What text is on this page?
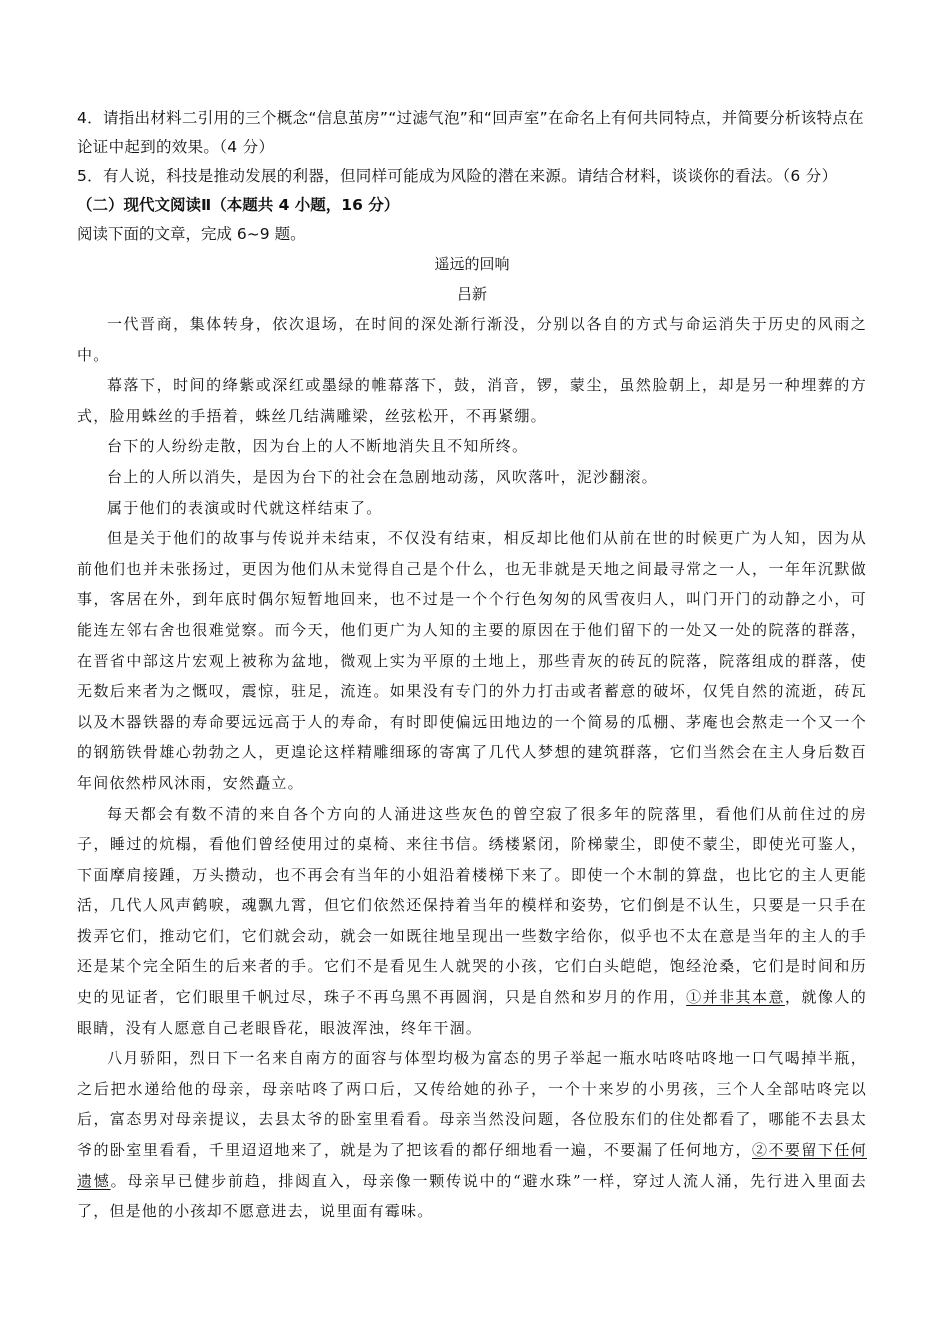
4．请指出材料二引用的三个概念“信息茧房”“过滤气泡”和“回声室”在命名上有何共同特点，并简要分析该特点在论证中起到的效果。（4 分）

5．有人说，科技是推动发展的利器，但同样可能成为风险的潜在来源。请结合材料，谈谈你的看法。（6 分）

（二）现代文阅读Ⅱ（本题共 4 小题，16 分）

阅读下面的文章，完成 6~9 题。

遥远的回响

吕新

一代晋商，集体转身，依次退场，在时间的深处渐行渐没，分别以各自的方式与命运消失于历史的风雨之中。

幕落下，时间的绛紫或深红或墨绿的帷幕落下，鼓，消音，锣，蒙尘，虽然脸朝上，却是另一种埋葬的方式，脸用蛛丝的手捂着，蛛丝几结满雕梁，丝弦松开，不再紧绷。

台下的人纷纷走散，因为台上的人不断地消失且不知所终。

台上的人所以消失，是因为台下的社会在急剧地动荡，风吹落叶，泥沙翻滚。

属于他们的表演或时代就这样结束了。

但是关于他们的故事与传说并未结束，不仅没有结束，相反却比他们从前在世的时候更广为人知，因为从前他们也并未张扬过，更因为他们从未觉得自己是个什么，也无非就是天地之间最寻常之一人，一年年沉默做事，客居在外，到年底时偶尔短暂地回来，也不过是一个个行色匆匆的风雪夜归人，叫门开门的动静之小，可能连左邻右舍也很难觉察。而今天，他们更广为人知的主要的原因在于他们留下的一处又一处的院落的群落，在晋省中部这片宏观上被称为盆地，微观上实为平原的土地上，那些青灰的砖瓦的院落，院落组成的群落，使无数后来者为之慨叹，震惊，驻足，流连。如果没有专门的外力打击或者蓄意的破坏，仅凭自然的流逝，砖瓦以及木器铁器的寿命要远远高于人的寿命，有时即使偏远田地边的一个简易的瓜棚、茅庵也会熬走一个又一个的钢筋铁骨雄心勃勃之人，更遑论这样精雕细琢的寄寓了几代人梦想的建筑群落，它们当然会在主人身后数百年间依然栉风沐雨，安然矗立。

每天都会有数不清的来自各个方向的人涌进这些灰色的曾空寂了很多年的院落里，看他们从前住过的房子，睡过的炕榻，看他们曾经使用过的桌椅、来往书信。绣楼紧闭，阶梯蒙尘，即使不蒙尘，即使光可鉴人，下面摩肩接踵，万头攒动，也不再会有当年的小姐沿着楼梯下来了。即使一个木制的算盘，也比它的主人更能活，几代人风声鹤唳，魂飘九霄，但它们依然还保持着当年的模样和姿势，它们倒是不认生，只要是一只手在拨弄它们，推动它们，它们就会动，就会一如既往地呈现出一些数字给你，似乎也不太在意是当年的主人的手还是某个完全陌生的后来者的手。它们不是看见生人就哭的小孩，它们白头皑皑，饱经沧桑，它们是时间和历史的见证者，它们眼里千帆过尽，珠子不再乌黑不再圆润，只是自然和岁月的作用，①并非其本意，就像人的眼睛，没有人愿意自己老眼昏花，眼波浑浊，终年干涸。

八月骄阳，烈日下一名来自南方的面容与体型均极为富态的男子举起一瓶水咕咚咕咚地一口气喝掉半瓶，之后把水递给他的母亲，母亲咕咚了两口后，又传给她的孙子，一个十来岁的小男孩，三个人全部咕咚完以后，富态男对母亲提议，去县太爷的卧室里看看。母亲当然没问题，各位股东们的住处都看了，哪能不去县太爷的卧室里看看，千里迢迢地来了，就是为了把该看的都仔细地看一遍，不要漏了任何地方，②不要留下任何遗憾。母亲早已健步前趋，排闼直入，母亲像一颗传说中的“避水珠”一样，穿过人流人涌，先行进入里面去了，但是他的小孩却不愿意进去，说里面有霉味。
